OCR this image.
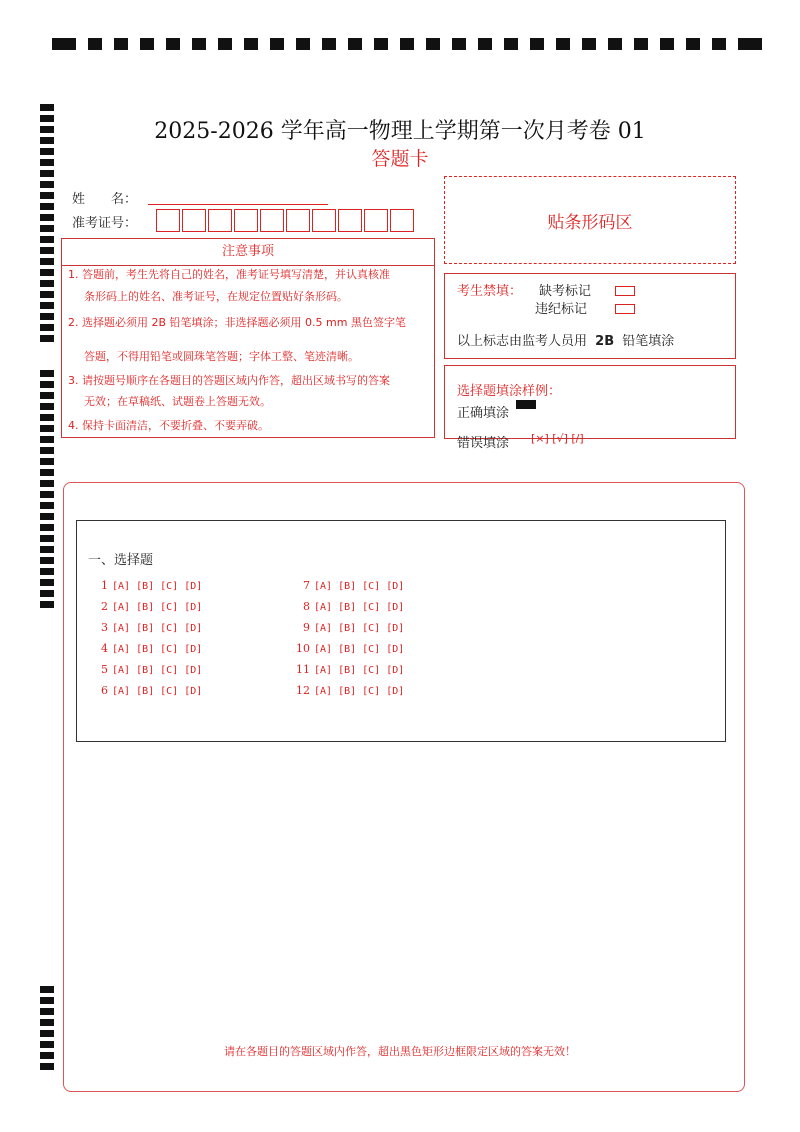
2025-2026 学年高一物理上学期第一次月考卷 01
答题卡
姓　　名：
准考证号：	贴条形码区
注意事项
1. 答题前，考生先将自己的姓名，准考证号填写清楚，并认真核准
条形码上的姓名、准考证号，在规定位置贴好条形码。
2. 选择题必须用 2B 铅笔填涂；非选择题必须用 0.5 mm 黑色签字笔
答题，不得用铅笔或圆珠笔答题；字体工整、笔迹清晰。
3. 请按题号顺序在各题目的答题区域内作答，超出区域书写的答案
无效；在草稿纸、试题卷上答题无效。
4. 保持卡面清洁，不要折叠、不要弄破。
考生禁填： 缺考标记
违纪标记
以上标志由监考人员用 2B 铅笔填涂
选择题填涂样例：
正确填涂
错误填涂 [×] [√] [/]
一、选择题
1 [A] [B] [C] [D]
2 [A] [B] [C] [D]
3 [A] [B] [C] [D]
4 [A] [B] [C] [D]
5 [A] [B] [C] [D]
6 [A] [B] [C] [D]
7 [A] [B] [C] [D]
8 [A] [B] [C] [D]
9 [A] [B] [C] [D]
10 [A] [B] [C] [D]
11 [A] [B] [C] [D]
12 [A] [B] [C] [D]
请在各题目的答题区域内作答，超出黑色矩形边框限定区域的答案无效！
